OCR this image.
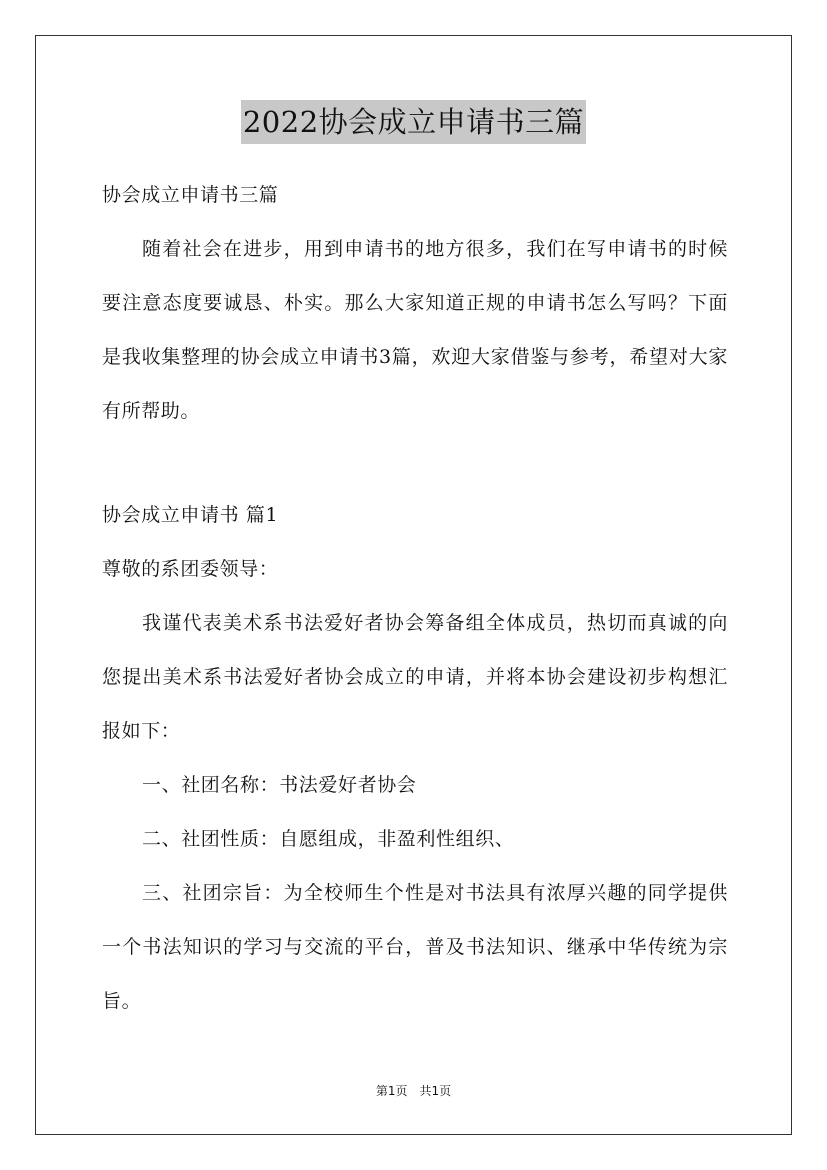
2022协会成立申请书三篇

协会成立申请书三篇

随着社会在进步，用到申请书的地方很多，我们在写申请书的时候要注意态度要诚恳、朴实。那么大家知道正规的申请书怎么写吗？下面是我收集整理的协会成立申请书3篇，欢迎大家借鉴与参考，希望对大家有所帮助。

协会成立申请书 篇1

尊敬的系团委领导：

我谨代表美术系书法爱好者协会筹备组全体成员，热切而真诚的向您提出美术系书法爱好者协会成立的申请，并将本协会建设初步构想汇报如下：

一、社团名称：书法爱好者协会

二、社团性质：自愿组成，非盈利性组织、

三、社团宗旨：为全校师生个性是对书法具有浓厚兴趣的同学提供一个书法知识的学习与交流的平台，普及书法知识、继承中华传统为宗旨。

第1页　共1页
